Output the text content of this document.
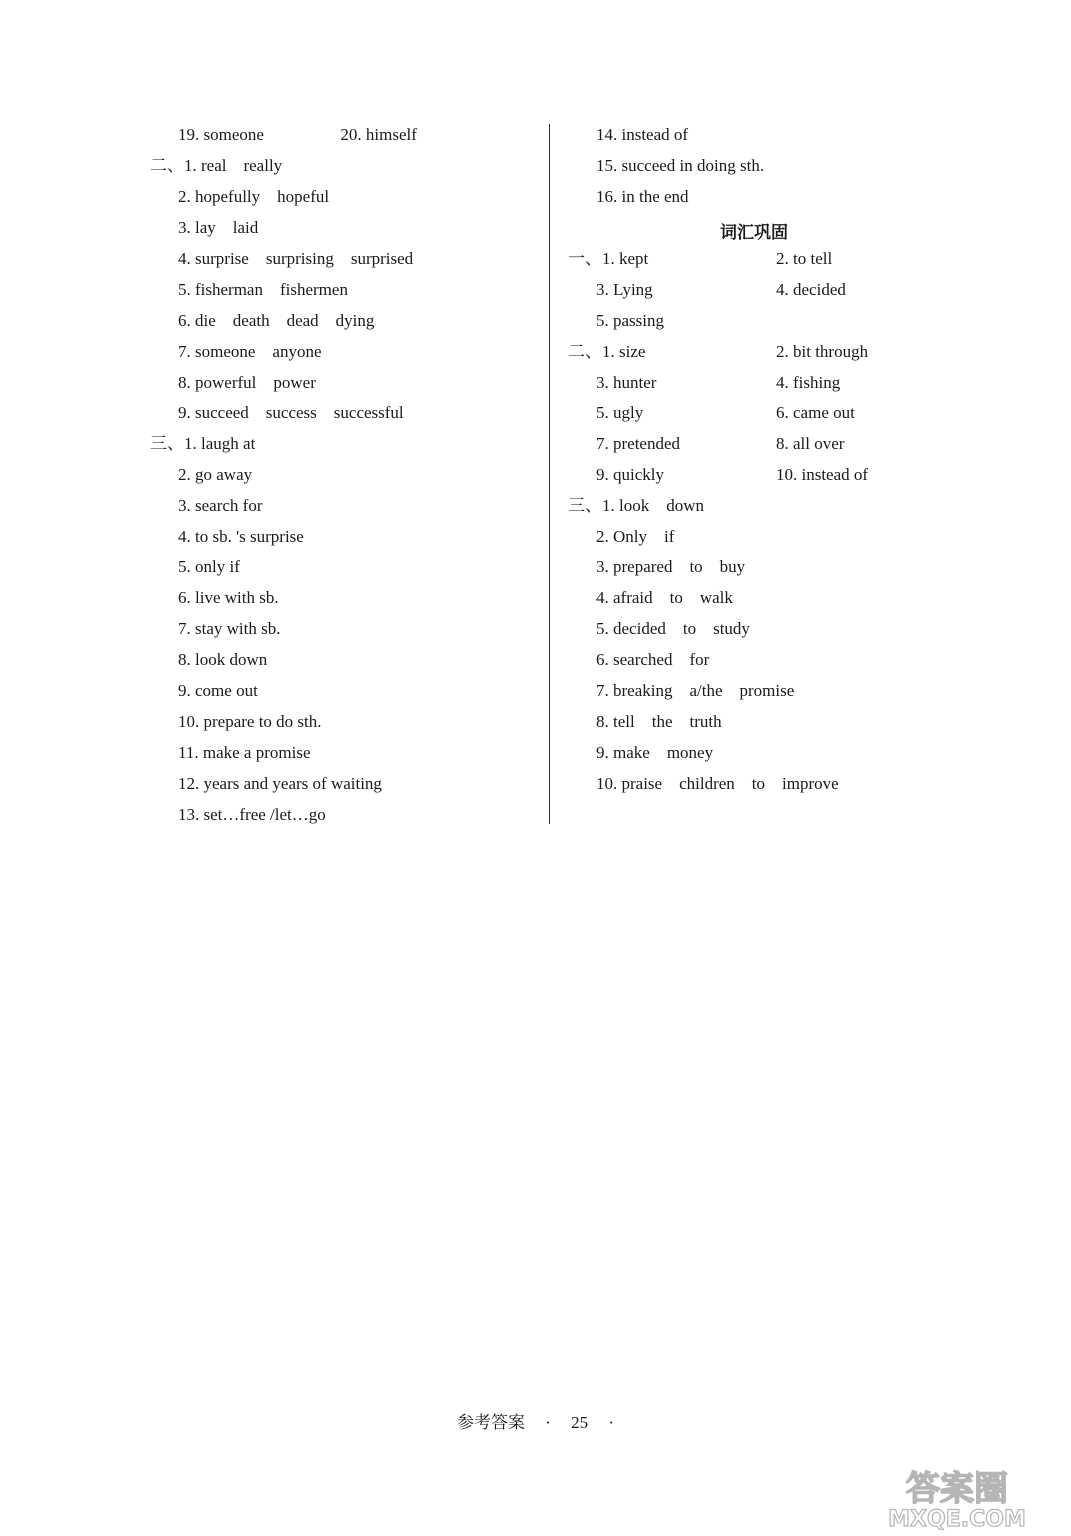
19. someone                  20. himself
二、1. real    really
2. hopefully    hopeful
3. lay    laid
4. surprise    surprising    surprised
5. fisherman    fishermen
6. die    death    dead    dying
7. someone    anyone
8. powerful    power
9. succeed    success    successful
三、1. laugh at
2. go away
3. search for
4. to sb. 's surprise
5. only if
6. live with sb.
7. stay with sb.
8. look down
9. come out
10. prepare to do sth.
11. make a promise
12. years and years of waiting
13. set…free /let…go
14. instead of
15. succeed in doing sth.
16. in the end
词汇巩固
一、1. kept	2. to tell
3. Lying	4. decided
5. passing
二、1. size	2. bit through
3. hunter	4. fishing
5. ugly	6. came out
7. pretended	8. all over
9. quickly	10. instead of
三、1. look    down
2. Only    if
3. prepared    to    buy
4. afraid    to    walk
5. decided    to    study
6. searched    for
7. breaking    a/the    promise
8. tell    the    truth
9. make    money
10. praise    children    to    improve
参考答案 · 25 ·
答案圈
MXQE.COM
